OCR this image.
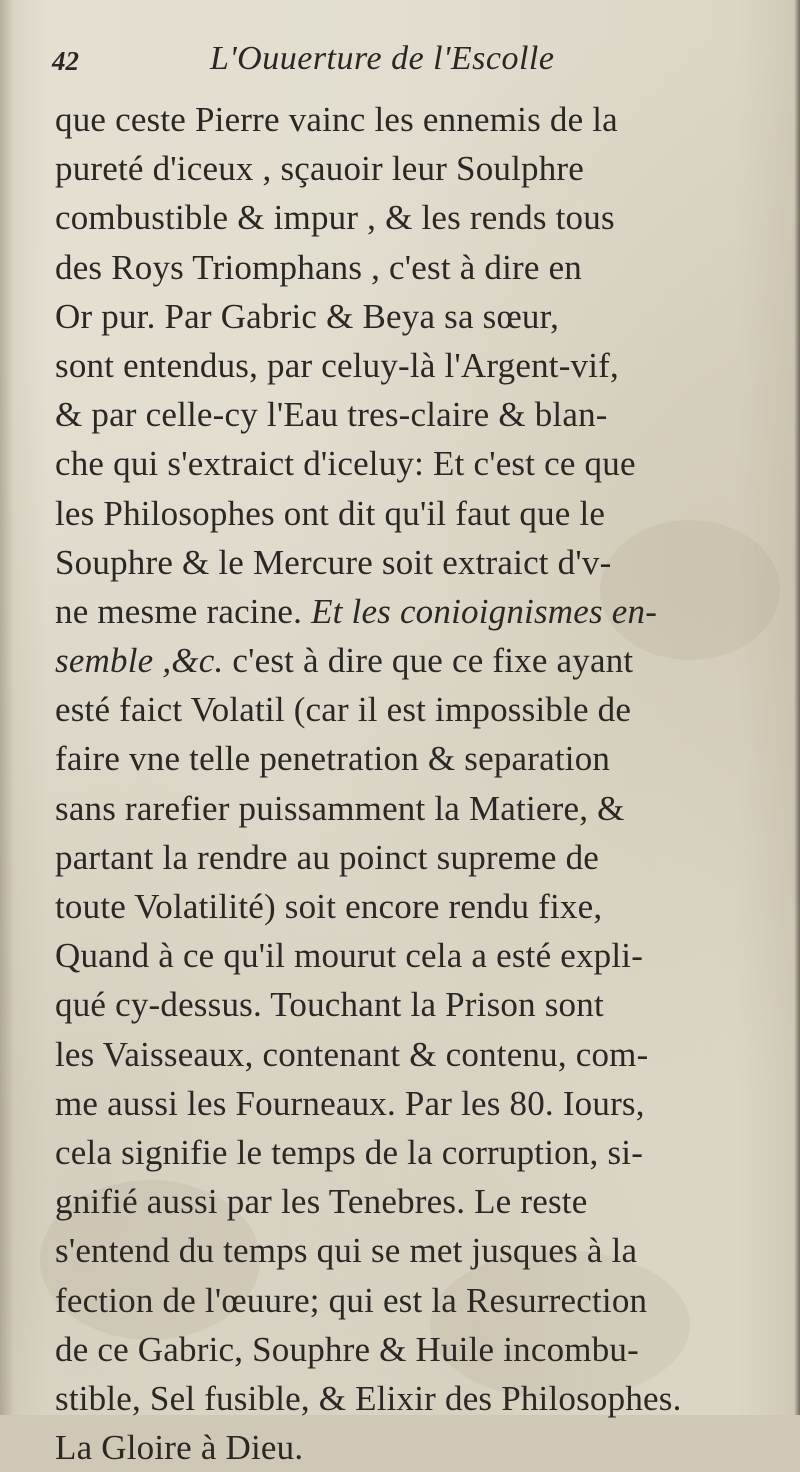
42	L'Ouuerture de l'Escolle
que ceste Pierre vainc les ennemis de la
pureté d'iceux , sçauoir leur Soulphre
combustible & impur , & les rends tous
des Roys Triomphans , c'est à dire en
Or pur. Par Gabric & Beya sa sœur,
sont entendus, par celuy-là l'Argent-vif,
& par celle-cy l'Eau tres-claire & blan-
che qui s'extraict d'iceluy: Et c'est ce que
les Philosophes ont dit qu'il faut que le
Souphre & le Mercure soit extraict d'v-
ne mesme racine. Et les conioignismes en-
semble ,&c. c'est à dire que ce fixe ayant
esté faict Volatil (car il est impossible de
faire vne telle penetration & separation
sans rarefier puissamment la Matiere, &
partant la rendre au poinct supreme de
toute Volatilité) soit encore rendu fixe,
Quand à ce qu'il mourut cela a esté expli-
qué cy-dessus. Touchant la Prison sont
les Vaisseaux, contenant & contenu, com-
me aussi les Fourneaux. Par les 80. Iours,
cela signifie le temps de la corruption, si-
gnifié aussi par les Tenebres. Le reste
s'entend du temps qui se met jusques à la
fection de l'œuure; qui est la Resurrection
de ce Gabric, Souphre & Huile incombu-
stible, Sel fusible, & Elixir des Philosophes.
La Gloire à Dieu.
